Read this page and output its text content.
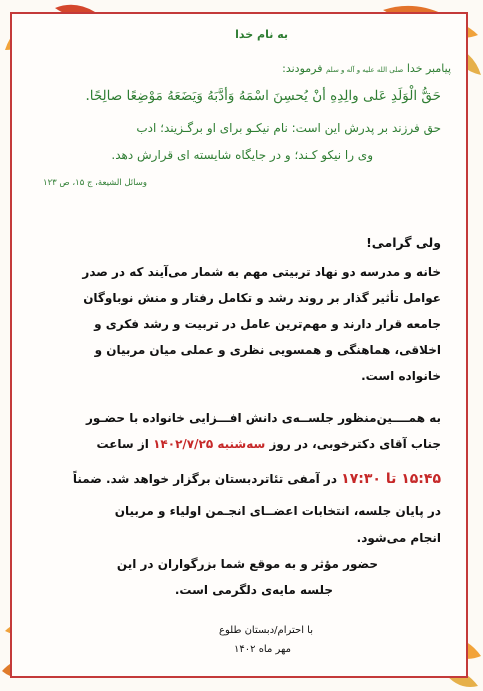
به نام خدا
پیامبر خدا صلی الله علیه و آله و سلم فرمودند:
حَقُّ الْوَلَدِ عَلى والِدِهِ أنْ يُحسِنَ اسْمَهُ وَأدَّبَهُ وَيَضَعَهُ مَوْضِعًا صالِحًا.
حق فرزند بر پدرش این است: نام نیکـو برای او برگـزیند؛ ادب
وی را نیکو کـند؛ و در جایگاه شایسته ای قرارش دهد.
وسائل الشیعة، ج ۱۵، ص ۱۲۳
ولی گرامی!
خانه و مدرسه دو نهاد تربیتی مهم به شمار می‌آیند که در صدر
عوامل تأثیر گذار بر روند رشد و تکامل رفتار و منش نوباوگان
جامعه قرار دارند و مهم‌ترین عامل در تربیت و رشد فکری و
اخلاقی، هماهنگی و همسویی نظری و عملی میان مربیان و
خانواده است.
به همــــین‌منظور جلســه‌ی دانش افـــزایی خانواده با حضـور
جناب آقای دکترخوبی، در روز سه‌شنبه ۱۴۰۲/۷/۲۵ از ساعت
۱۵:۴۵ تا ۱۷:۳۰ در آمفی تئاتردبستان برگزار خواهد شد. ضمناً
در پایان جلسه، انتخابات اعضــای انجـمن اولیاء و مربیان
انجام می‌شود.
حضور مؤثر و به موقع شما بزرگواران در این
جلسه مایه‌ی دلگرمی است.
با احترام/دبستان طلوع
مهر ماه ۱۴۰۲
